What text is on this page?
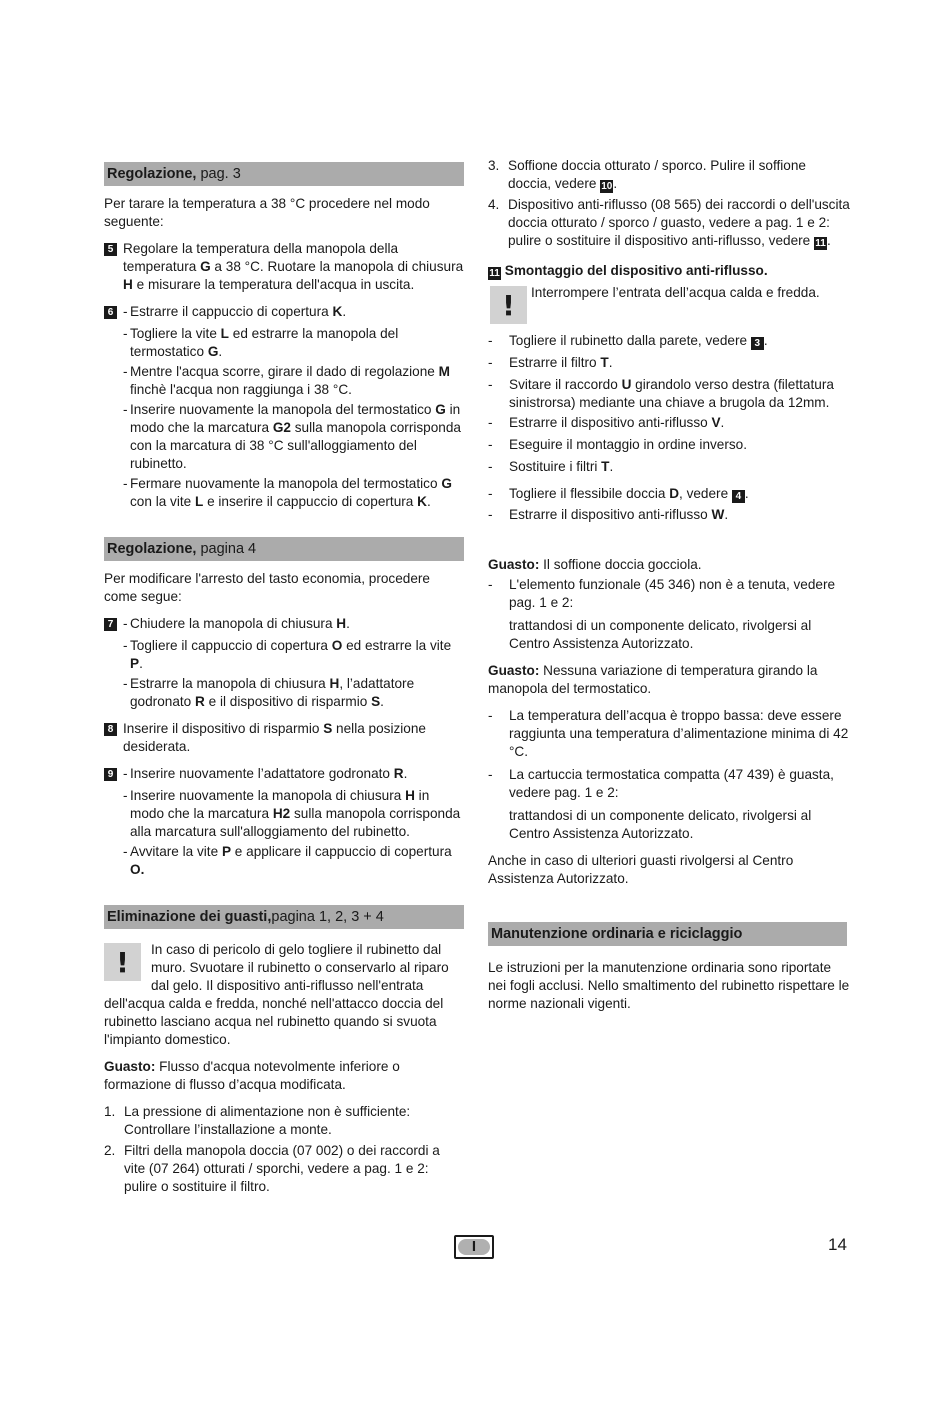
Regolazione, pag. 3

Per tarare la temperatura a 38 °C procedere nel modo seguente:

5 Regolare la temperatura della manopola della temperatura G a 38 °C. Ruotare la manopola di chiusura H e misurare la temperatura dell'acqua in uscita.
6 - Estrarre il cappuccio di copertura K.
- Togliere la vite L ed estrarre la manopola del termostatico G.
- Mentre l'acqua scorre, girare il dado di regolazione M finchè l'acqua non raggiunga i 38 °C.
- Inserire nuovamente la manopola del termostatico G in modo che la marcatura G2 sulla manopola corrisponda con la marcatura di 38 °C sull'alloggiamento del rubinetto.
- Fermare nuovamente la manopola del termostatico G con la vite L e inserire il cappuccio di copertura K.
Regolazione, pagina 4

Per modificare l'arresto del tasto economia, procedere come segue:

7 - Chiudere la manopola di chiusura H.
- Togliere il cappuccio di copertura O ed estrarre la vite P.
- Estrarre la manopola di chiusura H, l’adattatore godronato R e il dispositivo di risparmio S.
8 Inserire il dispositivo di risparmio S nella posizione desiderata.
9 - Inserire nuovamente l’adattatore godronato R.
- Inserire nuovamente la manopola di chiusura H in modo che la marcatura H2 sulla manopola corrisponda alla marcatura sull'alloggiamento del rubinetto.
- Avvitare la vite P e applicare il cappuccio di copertura O.
Eliminazione dei guasti,pagina 1, 2, 3 + 4
!	In caso di pericolo di gelo togliere il rubinetto dal muro. Svuotare il rubinetto o conservarlo al riparo dal gelo. Il dispositivo anti-riflusso nell'entrata dell'acqua calda e fredda, nonché nell'attacco doccia del rubinetto lasciano acqua nel rubinetto quando si svuota l'impianto domestico.

Guasto: Flusso d'acqua notevolmente inferiore o formazione di flusso d’acqua modificata.

1. La pressione di alimentazione non è sufficiente: Controllare l’installazione a monte.
2. Filtri della manopola doccia (07 002) o dei raccordi a vite (07 264) otturati / sporchi, vedere a pag. 1 e 2: pulire o sostituire il filtro.
3. Soffione doccia otturato / sporco. Pulire il soffione doccia, vedere 10.
4. Dispositivo anti-riflusso (08 565) dei raccordi o dell'uscita doccia otturato / sporco / guasto, vedere a pag. 1 e 2:
pulire o sostituire il dispositivo anti-riflusso, vedere 11.

11 Smontaggio del dispositivo anti-riflusso.

!	Interrompere l’entrata dell’acqua calda e fredda.
- Togliere il rubinetto dalla parete, vedere 3 .
- Estrarre il filtro T.
- Svitare il raccordo U girandolo verso destra (filettatura sinistrorsa) mediante una chiave a brugola da 12mm.
- Estrarre il dispositivo anti-riflusso V.
- Eseguire il montaggio in ordine inverso.
- Sostituire i filtri T.
- Togliere il flessibile doccia D, vedere 4 .
- Estrarre il dispositivo anti-riflusso W.

Guasto: Il soffione doccia gocciola.

- L'elemento funzionale (45 346) non è a tenuta, vedere pag. 1 e 2:

trattandosi di un componente delicato, rivolgersi al Centro Assistenza Autorizzato.

Guasto: Nessuna variazione di temperatura girando la manopola del termostatico.

- La temperatura dell’acqua è troppo bassa: deve essere raggiunta una temperatura d’alimentazione minima di 42 °C.
- La cartuccia termostatica compatta (47 439) è guasta, vedere pag. 1 e 2:

trattandosi di un componente delicato, rivolgersi al Centro Assistenza Autorizzato.

Anche in caso di ulteriori guasti rivolgersi al Centro Assistenza Autorizzato.

Manutenzione ordinaria e riciclaggio

Le istruzioni per la manutenzione ordinaria sono riportate nei fogli acclusi. Nello smaltimento del rubinetto rispettare le norme nazionali vigenti.

I	14
